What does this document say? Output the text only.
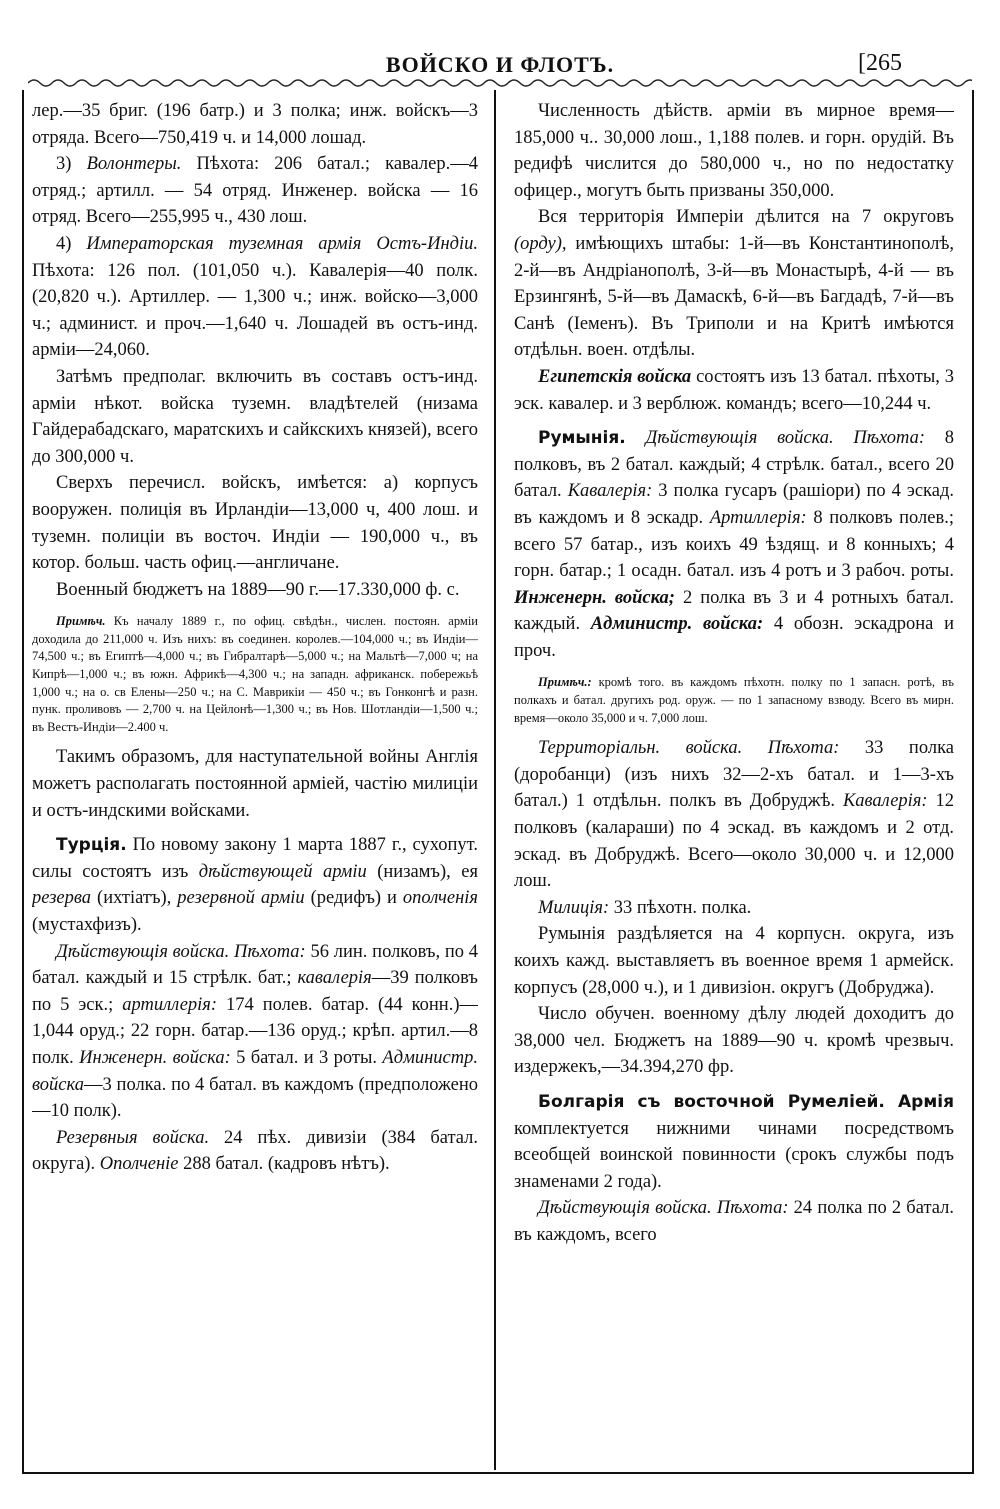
ВОЙСКО И ФЛОТЪ.	[265

лер.—35 бриг. (196 батр.) и 3 полка; инж. войскъ—3 отряда. Всего—750,419 ч. и 14,000 лошад.

3) Волонтеры. Пѣхота: 206 батал.; кавалер.—4 отряд.; артилл. — 54 отряд. Инженер. войска — 16 отряд. Всего—255,995 ч., 430 лош.

4) Императорская туземная армія Остъ-Индіи. Пѣхота: 126 пол. (101,050 ч.). Кавалерія—40 полк. (20,820 ч.). Артиллер. — 1,300 ч.; инж. войско—3,000 ч.; админист. и проч.—1,640 ч. Лошадей въ остъ-инд. арміи—24,060.

Затѣмъ предполаг. включить въ составъ остъ-инд. арміи нѣкот. войска туземн. владѣтелей (низама Гайдерабадскаго, маратскихъ и сайкскихъ князей), всего до 300,000 ч.

Сверхъ перечисл. войскъ, имѣется: а) корпусъ вооружен. полиція въ Ирландіи—13,000 ч, 400 лош. и туземн. полиціи въ восточ. Индіи — 190,000 ч., въ котор. больш. часть офиц.—англичане.

Военный бюджетъ на 1889—90 г.—17.330,000 ф. с.

Примѣч. Къ началу 1889 г., по офиц. свѣдѣн., числен. постоян. арміи доходила до 211,000 ч. Изъ нихъ: въ соединен. королев.—104,000 ч.; въ Индіи—74,500 ч.; въ Египтѣ—4,000 ч.; въ Гибралтарѣ—5,000 ч.; на Мальтѣ—7,000 ч; на Кипрѣ—1,000 ч.; въ южн. Африкѣ—4,300 ч.; на западн. африканск. побережьѣ 1,000 ч.; на о. св Елены—250 ч.; на С. Маврикіи — 450 ч.; въ Гонконгѣ и разн. пунк. проливовъ — 2,700 ч. на Цейлонѣ—1,300 ч.; въ Нов. Шотландіи—1,500 ч.; въ Вестъ-Индіи—2.400 ч.

Такимъ образомъ, для наступательной войны Англія можетъ располагать постоянной арміей, частію милиціи и остъ-индскими войсками.

Турція. По новому закону 1 марта 1887 г., сухопут. силы состоятъ изъ дѣйствующей арміи (низамъ), ея резерва (ихтіатъ), резервной арміи (редифъ) и ополченія (мустахфизъ).

Дѣйствующія войска. Пѣхота: 56 лин. полковъ, по 4 батал. каждый и 15 стрѣлк. бат.; кавалерія—39 полковъ по 5 эск.; артиллерія: 174 полев. батар. (44 конн.)—1,044 оруд.; 22 горн. батар.—136 оруд.; крѣп. артил.—8 полк. Инженерн. войска: 5 батал. и 3 роты. Администр. войска—3 полка. по 4 батал. въ каждомъ (предположено—10 полк).

Резервныя войска. 24 пѣх. дивизіи (384 батал. округа). Ополченіе 288 батал. (кадровъ нѣтъ).

Численность дѣйств. арміи въ мирное время—185,000 ч.. 30,000 лош., 1,188 полев. и горн. орудій. Въ редифѣ числится до 580,000 ч., но по недостатку офицер., могутъ быть призваны 350,000.

Вся территорія Имперіи дѣлится на 7 округовъ (орду), имѣющихъ штабы: 1-й—въ Константинополѣ, 2-й—въ Андріанополѣ, 3-й—въ Монастырѣ, 4-й — въ Ерзингянѣ, 5-й—въ Дамаскѣ, 6-й—въ Багдадѣ, 7-й—въ Санѣ (Iеменъ). Въ Триполи и на Критѣ имѣются отдѣльн. воен. отдѣлы.

Египетскія войска состоятъ изъ 13 батал. пѣхоты, 3 эск. кавалер. и 3 верблюж. командъ; всего—10,244 ч.

Румынія. Дѣйствующія войска. Пѣхота: 8 полковъ, въ 2 батал. каждый; 4 стрѣлк. батал., всего 20 батал. Кавалерія: 3 полка гусаръ (рашіори) по 4 эскад. въ каждомъ и 8 эскадр. Артиллерія: 8 полковъ полев.; всего 57 батар., изъ коихъ 49 ѣздящ. и 8 конныхъ; 4 горн. батар.; 1 осадн. батал. изъ 4 ротъ и 3 рабоч. роты. Инженерн. войска; 2 полка въ 3 и 4 ротныхъ батал. каждый. Администр. войска: 4 обозн. эскадрона и проч.

Примѣч.: кромѣ того. въ каждомъ пѣхотн. полку по 1 запасн. ротѣ, въ полкахъ и батал. другихъ род. оруж. — по 1 запасному взводу. Всего въ мирн. время—около 35,000 и ч. 7,000 лош.

Территоріальн. войска. Пѣхота: 33 полка (доробанци) (изъ нихъ 32—2-хъ батал. и 1—3-хъ батал.) 1 отдѣльн. полкъ въ Добруджѣ. Кавалерія: 12 полковъ (калараши) по 4 эскад. въ каждомъ и 2 отд. эскад. въ Добруджѣ. Всего—около 30,000 ч. и 12,000 лош.

Милиція: 33 пѣхотн. полка.

Румынія раздѣляется на 4 корпусн. округа, изъ коихъ кажд. выставляетъ въ военное время 1 армейск. корпусъ (28,000 ч.), и 1 дивизіон. округъ (Добруджа).

Число обучен. военному дѣлу людей доходитъ до 38,000 чел. Бюджетъ на 1889—90 ч. кромѣ чрезвыч. издержекъ,—34.394,270 фр.

Болгарія съ восточной Румеліей. Армія комплектуется нижними чинами посредствомъ всеобщей воинской повинности (срокъ службы подъ знаменами 2 года).

Дѣйствующія войска. Пѣхота: 24 полка по 2 батал. въ каждомъ, всего
